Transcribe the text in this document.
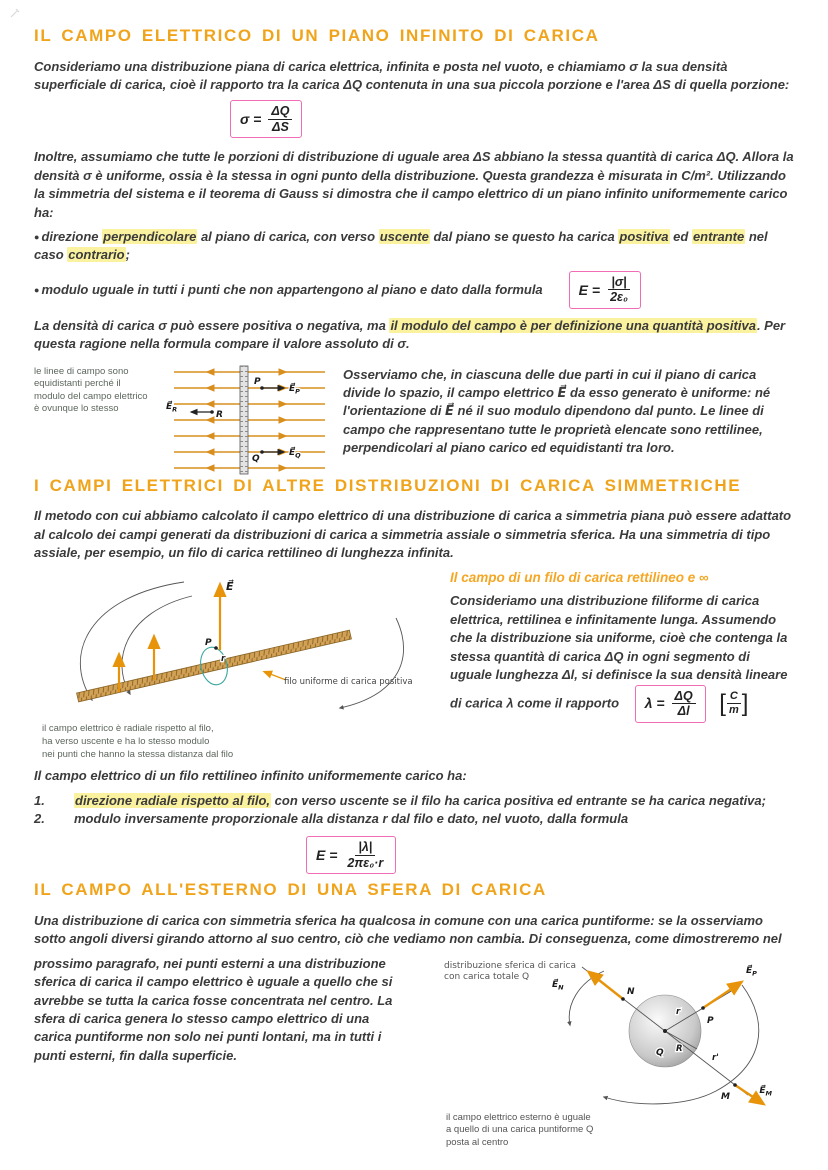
IL CAMPO ELETTRICO DI UN PIANO INFINITO DI CARICA

Consideriamo una distribuzione piana di carica elettrica, infinita e posta nel vuoto, e chiamiamo σ la sua densità superficiale di carica, cioè il rapporto tra la carica ΔQ contenuta in una sua piccola porzione e l'area ΔS di quella porzione:

$\sigma = \frac{\Delta Q}{\Delta S}$

Inoltre, assumiamo che tutte le porzioni di distribuzione di uguale area ΔS abbiano la stessa quantità di carica ΔQ. Allora la densità σ è uniforme, ossia è la stessa in ogni punto della distribuzione. Questa grandezza è misurata in C/m². Utilizzando la simmetria del sistema e il teorema di Gauss si dimostra che il campo elettrico di un piano infinito uniformemente carico ha:

● direzione perpendicolare al piano di carica, con verso uscente dal piano se questo ha carica positiva ed entrante nel caso contrario;

● modulo uguale in tutti i punti che non appartengono al piano e dato dalla formula	$E = \frac{|\sigma|}{\text{2ε₀}}$

La densità di carica σ può essere positiva o negativa, ma il modulo del campo è per definizione una quantità positiva. Per questa ragione nella formula compare il valore assoluto di σ.

le linee di campo sono equidistanti perché il modulo del campo elettrico è ovunque lo stesso	$E⃗_R$
R
P
$E⃗_P$
Q
$E⃗_Q$

Osserviamo che, in ciascuna delle due parti in cui il piano di carica divide lo spazio, il campo elettrico E⃗ da esso generato è uniforme: né l'orientazione di E⃗ né il suo modulo dipendono dal punto. Le linee di campo che rappresentano tutte le proprietà elencate sono rettilinee, perpendicolari al piano carico ed equidistanti tra loro.

I CAMPI ELETTRICI DI ALTRE DISTRIBUZIONI DI CARICA SIMMETRICHE

Il metodo con cui abbiamo calcolato il campo elettrico di una distribuzione di carica a simmetria piana può essere adattato al calcolo dei campi generati da distribuzioni di carica a simmetria assiale o simmetria sferica. Ha una simmetria di tipo assiale, per esempio, un filo di carica rettilineo di lunghezza infinita.

E⃗
P
r
filo uniforme di carica positiva
il campo elettrico è radiale rispetto al filo,
ha verso uscente e ha lo stesso modulo
nei punti che hanno la stessa distanza dal filo
Il campo di un filo di carica rettilineo e ∞

Consideriamo una distribuzione filiforme di carica elettrica, rettilinea e infinitamente lunga. Assumendo che la distribuzione sia uniforme, cioè che contenga la stessa quantità di carica ΔQ in ogni segmento di uguale lunghezza Δl, si definisce la sua densità lineare di carica λ come il rapporto $\lambda = \frac{\Delta Q}{\Delta l}$
[ $\frac{C}{m}$ ]

Il campo elettrico di un filo rettilineo infinito uniformemente carico ha:

1.	direzione radiale rispetto al filo, con verso uscente se il filo ha carica positiva ed entrante se ha carica negativa;

2.	modulo inversamente proporzionale alla distanza r dal filo e dato, nel vuoto, dalla formula

$E = \frac{|\lambda|}{\text{2πε₀·r}}$
IL CAMPO ALL'ESTERNO DI UNA SFERA DI CARICA

Una distribuzione di carica con simmetria sferica ha qualcosa in comune con una carica puntiforme: se la osserviamo sotto angoli diversi girando attorno al suo centro, ciò che vediamo non cambia. Di conseguenza, come dimostreremo nel

distribuzione sferica di carica
con carica totale Q
$E⃗_N$	N
$E⃗_P$
P
$E⃗_M$
M
Q R
r
r'
il campo elettrico esterno è uguale
a quello di una carica puntiforme Q
posta al centro

prossimo paragrafo, nei punti esterni a una distribuzione sferica di carica il campo elettrico è uguale a quello che si avrebbe se tutta la carica fosse concentrata nel centro. La sfera di carica genera lo stesso campo elettrico di una carica puntiforme non solo nei punti lontani, ma in tutti i punti esterni, fin dalla superficie.
